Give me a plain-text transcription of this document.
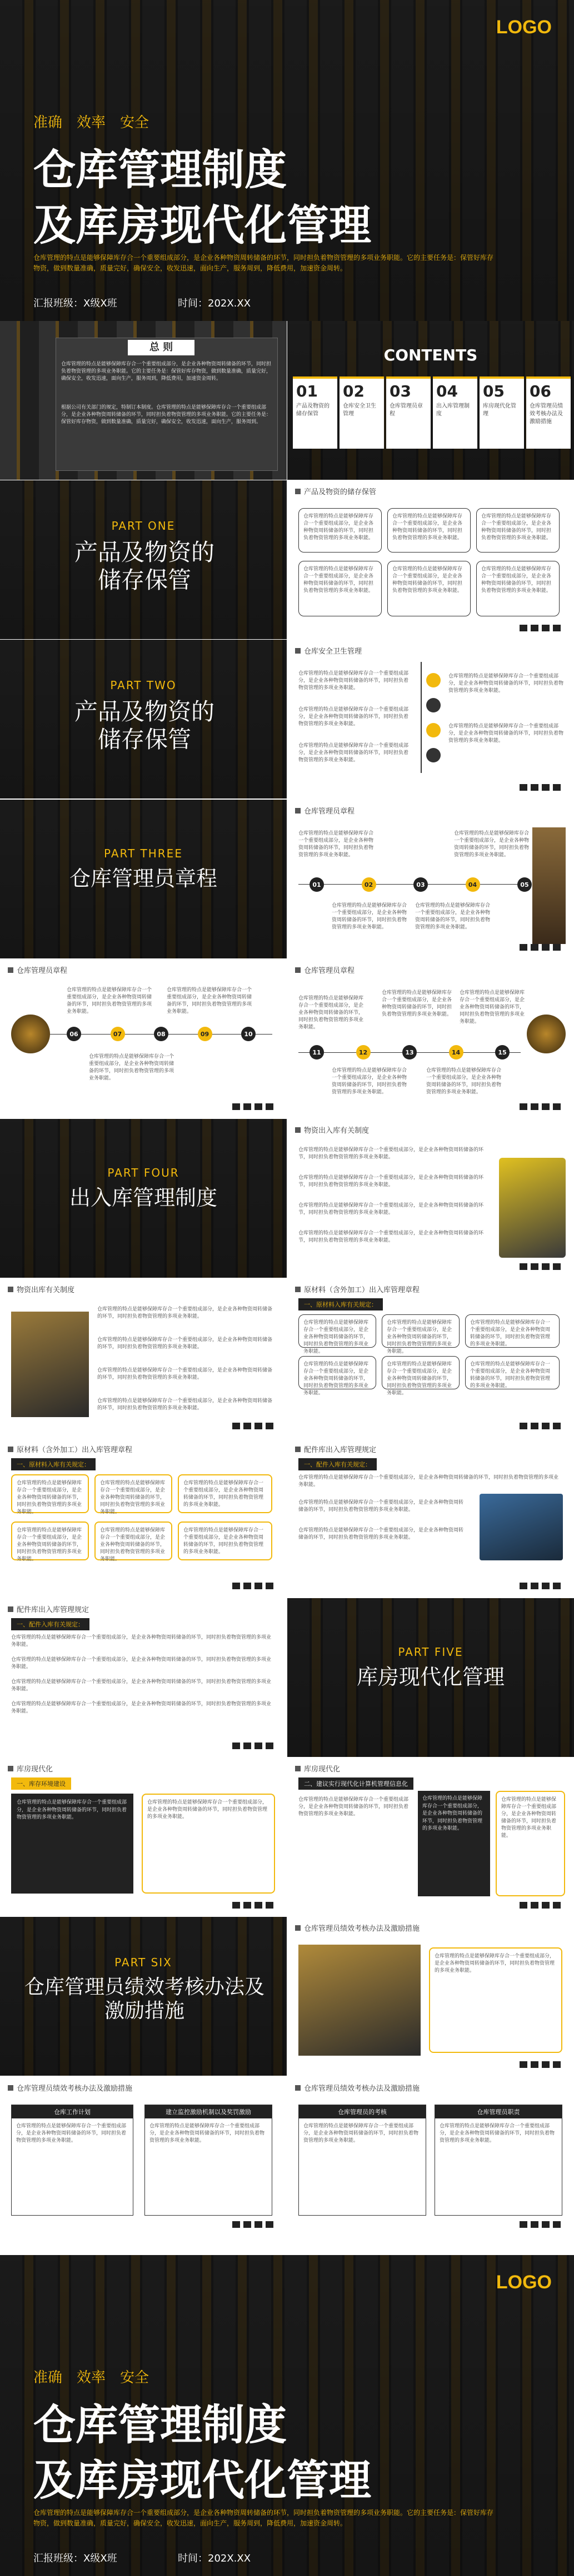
LOGO
准确　效率　安全
仓库管理制度
及库房现代化管理
仓库管理的特点是能够保障库存合一个重要组成部分，是企业各种物资周转储备的环节，同时担负着物资管理的多项业务职能。它的主要任务是：保管好库存物资，做到数量准确，质量完好，确保安全，收发迅速，面向生产，服务周到，降低费用，加速资金周转。
汇报班级：X级X班	时间：202X.XX
总 则
仓库管理的特点是能够保障库存合一个重要组成部分，是企业各种物资周转储备的环节，同时担负着物资管理的多项业务职能。它的主要任务是：保管好库存物资，做到数量准确，质量完好，确保安全，收发迅速，面向生产，服务周到，降低费用，加速资金周转。
根据公司有关部门的规定，特制订本制度。仓库管理的特点是能够保障库存合一个重要组成部分，是企业各种物资周转储备的环节，同时担负着物资管理的多项业务职能。它的主要任务是：保管好库存物资，做到数量准确，质量完好，确保安全，收发迅速，面向生产，服务周到。
CONTENTS
01
产品及物资的储存保管
02
仓库安全卫生管理
03
仓库管理员章程
04
出入库管理制度
05
库房现代化管理
06
仓库管理员绩效考核办法及激励措施
PART ONE
产品及物资的储存保管
产品及物资的储存保管
仓库管理的特点是能够保障库存合一个重要组成部分，是企业各种物资周转储备的环节，同时担负着物资管理的多项业务职能。
仓库管理的特点是能够保障库存合一个重要组成部分，是企业各种物资周转储备的环节，同时担负着物资管理的多项业务职能。
仓库管理的特点是能够保障库存合一个重要组成部分，是企业各种物资周转储备的环节，同时担负着物资管理的多项业务职能。
仓库管理的特点是能够保障库存合一个重要组成部分，是企业各种物资周转储备的环节，同时担负着物资管理的多项业务职能。
仓库管理的特点是能够保障库存合一个重要组成部分，是企业各种物资周转储备的环节，同时担负着物资管理的多项业务职能。
仓库管理的特点是能够保障库存合一个重要组成部分，是企业各种物资周转储备的环节，同时担负着物资管理的多项业务职能。
PART TWO
产品及物资的储存保管
仓库安全卫生管理
仓库管理的特点是能够保障库存合一个重要组成部分，是企业各种物资周转储备的环节，同时担负着物资管理的多项业务职能。
仓库管理的特点是能够保障库存合一个重要组成部分，是企业各种物资周转储备的环节，同时担负着物资管理的多项业务职能。
仓库管理的特点是能够保障库存合一个重要组成部分，是企业各种物资周转储备的环节，同时担负着物资管理的多项业务职能。
仓库管理的特点是能够保障库存合一个重要组成部分，是企业各种物资周转储备的环节，同时担负着物资管理的多项业务职能。
仓库管理的特点是能够保障库存合一个重要组成部分，是企业各种物资周转储备的环节，同时担负着物资管理的多项业务职能。
PART THREE
仓库管理员章程
仓库管理员章程
仓库管理的特点是能够保障库存合一个重要组成部分，是企业各种物资周转储备的环节，同时担负着物资管理的多项业务职能。
仓库管理的特点是能够保障库存合一个重要组成部分，是企业各种物资周转储备的环节，同时担负着物资管理的多项业务职能。
01	02	03	04	05
仓库管理的特点是能够保障库存合一个重要组成部分，是企业各种物资周转储备的环节，同时担负着物资管理的多项业务职能。
仓库管理的特点是能够保障库存合一个重要组成部分，是企业各种物资周转储备的环节，同时担负着物资管理的多项业务职能。
仓库管理员章程
06	07	08	09	10
仓库管理的特点是能够保障库存合一个重要组成部分，是企业各种物资周转储备的环节，同时担负着物资管理的多项业务职能。
仓库管理的特点是能够保障库存合一个重要组成部分，是企业各种物资周转储备的环节，同时担负着物资管理的多项业务职能。
仓库管理的特点是能够保障库存合一个重要组成部分，是企业各种物资周转储备的环节，同时担负着物资管理的多项业务职能。
仓库管理员章程
11	12	13	14	15
仓库管理的特点是能够保障库存合一个重要组成部分，是企业各种物资周转储备的环节，同时担负着物资管理的多项业务职能。
仓库管理的特点是能够保障库存合一个重要组成部分，是企业各种物资周转储备的环节，同时担负着物资管理的多项业务职能。
仓库管理的特点是能够保障库存合一个重要组成部分，是企业各种物资周转储备的环节，同时担负着物资管理的多项业务职能。
仓库管理的特点是能够保障库存合一个重要组成部分，是企业各种物资周转储备的环节，同时担负着物资管理的多项业务职能。
仓库管理的特点是能够保障库存合一个重要组成部分，是企业各种物资周转储备的环节，同时担负着物资管理的多项业务职能。
PART FOUR
出入库管理制度
物资出入库有关制度
仓库管理的特点是能够保障库存合一个重要组成部分，是企业各种物资周转储备的环节，同时担负着物资管理的多项业务职能。
仓库管理的特点是能够保障库存合一个重要组成部分，是企业各种物资周转储备的环节，同时担负着物资管理的多项业务职能。
仓库管理的特点是能够保障库存合一个重要组成部分，是企业各种物资周转储备的环节，同时担负着物资管理的多项业务职能。
仓库管理的特点是能够保障库存合一个重要组成部分，是企业各种物资周转储备的环节，同时担负着物资管理的多项业务职能。
物资出库有关制度
仓库管理的特点是能够保障库存合一个重要组成部分，是企业各种物资周转储备的环节，同时担负着物资管理的多项业务职能。
仓库管理的特点是能够保障库存合一个重要组成部分，是企业各种物资周转储备的环节，同时担负着物资管理的多项业务职能。
仓库管理的特点是能够保障库存合一个重要组成部分，是企业各种物资周转储备的环节，同时担负着物资管理的多项业务职能。
仓库管理的特点是能够保障库存合一个重要组成部分，是企业各种物资周转储备的环节，同时担负着物资管理的多项业务职能。
原材料（含外加工）出入库管理章程
一、原材料入库有关规定：
仓库管理的特点是能够保障库存合一个重要组成部分，是企业各种物资周转储备的环节，同时担负着物资管理的多项业务职能。
仓库管理的特点是能够保障库存合一个重要组成部分，是企业各种物资周转储备的环节，同时担负着物资管理的多项业务职能。
仓库管理的特点是能够保障库存合一个重要组成部分，是企业各种物资周转储备的环节，同时担负着物资管理的多项业务职能。
仓库管理的特点是能够保障库存合一个重要组成部分，是企业各种物资周转储备的环节，同时担负着物资管理的多项业务职能。
仓库管理的特点是能够保障库存合一个重要组成部分，是企业各种物资周转储备的环节，同时担负着物资管理的多项业务职能。
仓库管理的特点是能够保障库存合一个重要组成部分，是企业各种物资周转储备的环节，同时担负着物资管理的多项业务职能。
原材料（含外加工）出入库管理章程
一、原材料入库有关规定：
仓库管理的特点是能够保障库存合一个重要组成部分，是企业各种物资周转储备的环节，同时担负着物资管理的多项业务职能。
仓库管理的特点是能够保障库存合一个重要组成部分，是企业各种物资周转储备的环节，同时担负着物资管理的多项业务职能。
仓库管理的特点是能够保障库存合一个重要组成部分，是企业各种物资周转储备的环节，同时担负着物资管理的多项业务职能。
仓库管理的特点是能够保障库存合一个重要组成部分，是企业各种物资周转储备的环节，同时担负着物资管理的多项业务职能。
仓库管理的特点是能够保障库存合一个重要组成部分，是企业各种物资周转储备的环节，同时担负着物资管理的多项业务职能。
仓库管理的特点是能够保障库存合一个重要组成部分，是企业各种物资周转储备的环节，同时担负着物资管理的多项业务职能。
配件库出入库管理规定
一、配件入库有关规定：
仓库管理的特点是能够保障库存合一个重要组成部分，是企业各种物资周转储备的环节，同时担负着物资管理的多项业务职能。
仓库管理的特点是能够保障库存合一个重要组成部分，是企业各种物资周转储备的环节，同时担负着物资管理的多项业务职能。
仓库管理的特点是能够保障库存合一个重要组成部分，是企业各种物资周转储备的环节，同时担负着物资管理的多项业务职能。
配件库出入库管理规定
一、配件入库有关规定：
仓库管理的特点是能够保障库存合一个重要组成部分，是企业各种物资周转储备的环节，同时担负着物资管理的多项业务职能。
仓库管理的特点是能够保障库存合一个重要组成部分，是企业各种物资周转储备的环节，同时担负着物资管理的多项业务职能。
仓库管理的特点是能够保障库存合一个重要组成部分，是企业各种物资周转储备的环节，同时担负着物资管理的多项业务职能。
仓库管理的特点是能够保障库存合一个重要组成部分，是企业各种物资周转储备的环节，同时担负着物资管理的多项业务职能。
PART FIVE
库房现代化管理
库房现代化
一、库存环境建设
仓库管理的特点是能够保障库存合一个重要组成部分，是企业各种物资周转储备的环节，同时担负着物资管理的多项业务职能。
仓库管理的特点是能够保障库存合一个重要组成部分，是企业各种物资周转储备的环节，同时担负着物资管理的多项业务职能。
库房现代化
二、建议实行现代化计算机管理信息化
仓库管理的特点是能够保障库存合一个重要组成部分，是企业各种物资周转储备的环节，同时担负着物资管理的多项业务职能。
仓库管理的特点是能够保障库存合一个重要组成部分，是企业各种物资周转储备的环节，同时担负着物资管理的多项业务职能。
仓库管理的特点是能够保障库存合一个重要组成部分，是企业各种物资周转储备的环节，同时担负着物资管理的多项业务职能。
PART SIX
仓库管理员绩效考核办法及激励措施
仓库管理员绩效考核办法及激励措施
仓库管理的特点是能够保障库存合一个重要组成部分，是企业各种物资周转储备的环节，同时担负着物资管理的多项业务职能。
仓库管理员绩效考核办法及激励措施
仓库工作计划
仓库管理的特点是能够保障库存合一个重要组成部分，是企业各种物资周转储备的环节，同时担负着物资管理的多项业务职能。
建立监控激励机制以及奖罚激励
仓库管理的特点是能够保障库存合一个重要组成部分，是企业各种物资周转储备的环节，同时担负着物资管理的多项业务职能。
仓库管理员绩效考核办法及激励措施
仓库管理员的考核
仓库管理的特点是能够保障库存合一个重要组成部分，是企业各种物资周转储备的环节，同时担负着物资管理的多项业务职能。
仓库管理员职责
仓库管理的特点是能够保障库存合一个重要组成部分，是企业各种物资周转储备的环节，同时担负着物资管理的多项业务职能。
LOGO
准确　效率　安全
仓库管理制度
及库房现代化管理
仓库管理的特点是能够保障库存合一个重要组成部分，是企业各种物资周转储备的环节，同时担负着物资管理的多项业务职能。它的主要任务是：保管好库存物资，做到数量准确，质量完好，确保安全，收发迅速，面向生产，服务周到，降低费用，加速资金周转。
汇报班级：X级X班	时间：202X.XX
